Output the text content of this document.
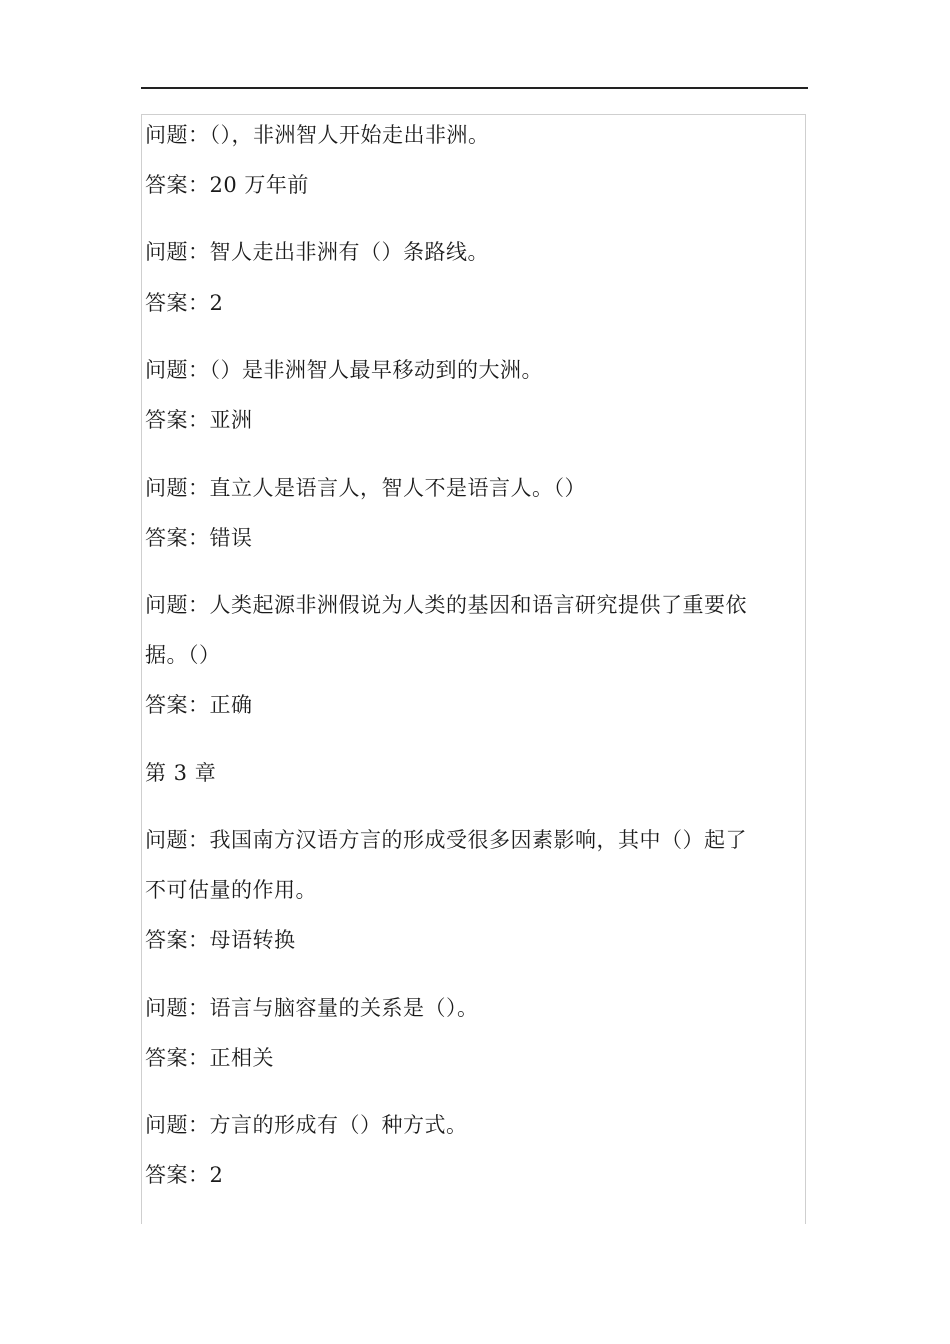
问题：（），非洲智人开始走出非洲。
答案：20 万年前
问题：智人走出非洲有（）条路线。
答案：2
问题：（）是非洲智人最早移动到的大洲。
答案：亚洲
问题：直立人是语言人，智人不是语言人。（）
答案：错误
问题：人类起源非洲假说为人类的基因和语言研究提供了重要依
据。（）
答案：正确
第 3 章
问题：我国南方汉语方言的形成受很多因素影响，其中（）起了
不可估量的作用。
答案：母语转换
问题：语言与脑容量的关系是（）。
答案：正相关
问题：方言的形成有（）种方式。
答案：2
